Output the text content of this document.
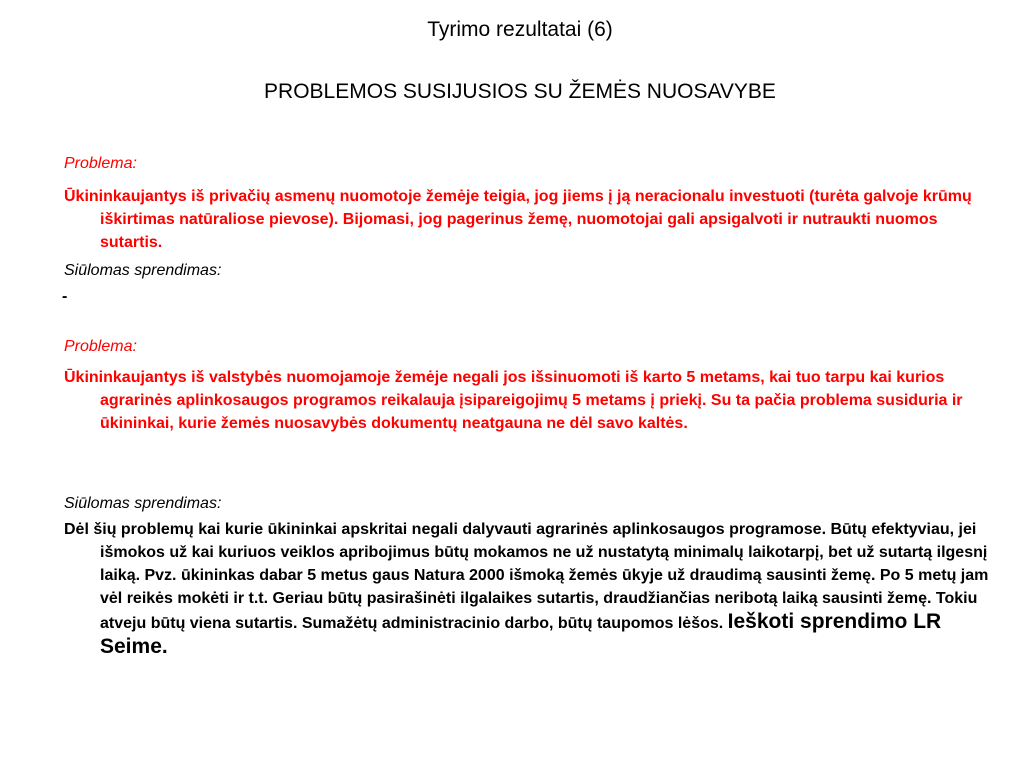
Tyrimo rezultatai (6)
PROBLEMOS SUSIJUSIOS SU ŽEMĖS NUOSAVYBE
Problema:
Ūkininkaujantys iš privačių asmenų nuomotoje žemėje teigia, jog jiems į ją neracionalu investuoti (turėta galvoje krūmų iškirtimas natūraliose pievose). Bijomasi, jog pagerinus žemę, nuomotojai gali apsigalvoti ir nutraukti nuomos sutartis.
Siūlomas sprendimas:
-
Problema:
Ūkininkaujantys iš valstybės nuomojamoje žemėje negali jos išsinuomoti iš karto 5 metams, kai tuo tarpu kai kurios agrarinės aplinkosaugos programos reikalauja įsipareigojimų 5 metams į priekį. Su ta pačia problema susiduria ir ūkininkai, kurie žemės nuosavybės dokumentų neatgauna ne dėl savo kaltės.
Siūlomas sprendimas:
Dėl šių problemų kai kurie ūkininkai apskritai negali dalyvauti agrarinės aplinkosaugos programose. Būtų efektyviau, jei išmokos už kai kuriuos veiklos apribojimus būtų mokamos ne už nustatytą minimalų laikotarpį, bet už sutartą ilgesnį laiką. Pvz. ūkininkas dabar 5 metus gaus Natura 2000 išmoką žemės ūkyje už draudimą sausinti žemę. Po 5 metų jam vėl reikės mokėti ir t.t. Geriau būtų pasirašinėti ilgalaikes sutartis, draudžiančias neribotą laiką sausinti žemę. Tokiu atveju būtų viena sutartis. Sumažėtų administracinio darbo, būtų taupomos lėšos. Ieškoti sprendimo LR Seime.
